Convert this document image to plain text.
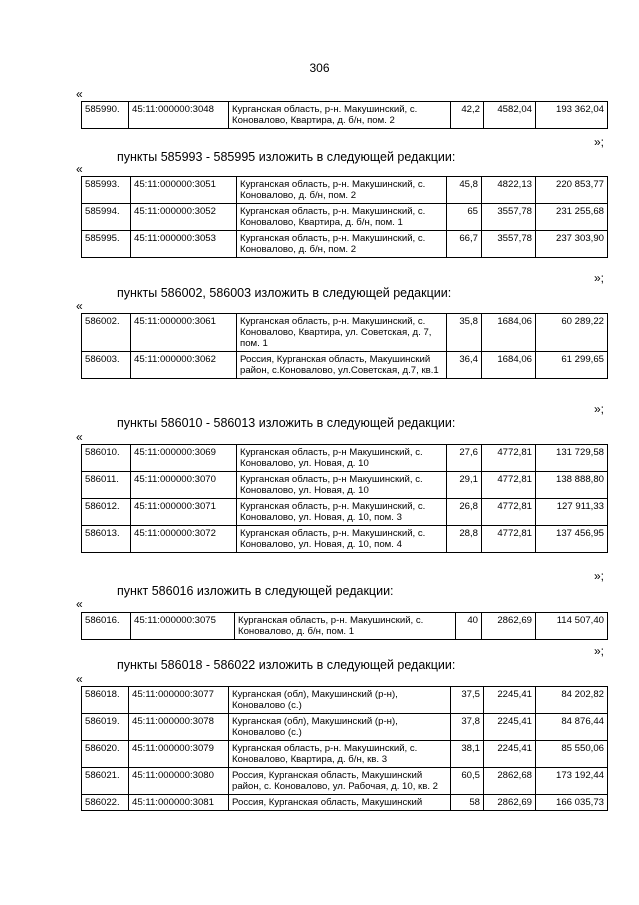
306
«
585990.	45:11:000000:3048	Курганская область, р-н. Макушинский, с. Коновалово, Квартира, д. б/н, пом. 2	42,2	4582,04	193 362,04
»;
пункты 585993 - 585995 изложить в следующей редакции:
«
585993.	45:11:000000:3051	Курганская область, р-н. Макушинский, с. Коновалово, д. б/н, пом. 2	45,8	4822,13	220 853,77
585994.	45:11:000000:3052	Курганская область, р-н. Макушинский, с. Коновалово, Квартира, д. б/н, пом. 1	65	3557,78	231 255,68
585995.	45:11:000000:3053	Курганская область, р-н. Макушинский, с. Коновалово, д. б/н, пом. 2	66,7	3557,78	237 303,90
»;
пункты 586002, 586003 изложить в следующей редакции:
«
586002.	45:11:000000:3061	Курганская область, р-н. Макушинский, с. Коновалово, Квартира, ул. Советская, д. 7, пом. 1	35,8	1684,06	60 289,22
586003.	45:11:000000:3062	Россия, Курганская область, Макушинский район, с.Коновалово, ул.Советская, д.7, кв.1	36,4	1684,06	61 299,65
»;
пункты 586010 - 586013 изложить в следующей редакции:
«
586010.	45:11:000000:3069	Курганская область, р-н Макушинский, с. Коновалово, ул. Новая, д. 10	27,6	4772,81	131 729,58
586011.	45:11:000000:3070	Курганская область, р-н Макушинский, с. Коновалово, ул. Новая, д. 10	29,1	4772,81	138 888,80
586012.	45:11:000000:3071	Курганская область, р-н. Макушинский, с. Коновалово, ул. Новая, д. 10, пом. 3	26,8	4772,81	127 911,33
586013.	45:11:000000:3072	Курганская область, р-н. Макушинский, с. Коновалово, ул. Новая, д. 10, пом. 4	28,8	4772,81	137 456,95
»;
пункт 586016 изложить в следующей редакции:
«
586016.	45:11:000000:3075	Курганская область, р-н. Макушинский, с. Коновалово, д. б/н, пом. 1	40	2862,69	114 507,40
»;
пункты 586018 - 586022 изложить в следующей редакции:
«
586018.	45:11:000000:3077	Курганская (обл), Макушинский (р-н), Коновалово (с.)	37,5	2245,41	84 202,82
586019.	45:11:000000:3078	Курганская (обл), Макушинский (р-н), Коновалово (с.)	37,8	2245,41	84 876,44
586020.	45:11:000000:3079	Курганская область, р-н. Макушинский, с. Коновалово, Квартира, д. б/н, кв. 3	38,1	2245,41	85 550,06
586021.	45:11:000000:3080	Россия, Курганская область, Макушинский район, с. Коновалово, ул. Рабочая, д. 10, кв. 2	60,5	2862,68	173 192,44
586022.	45:11:000000:3081	Россия, Курганская область, Макушинский	58	2862,69	166 035,73
